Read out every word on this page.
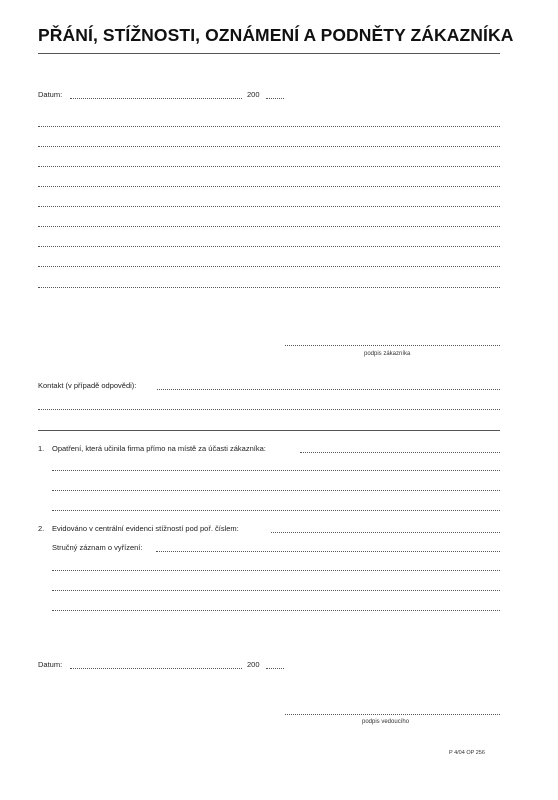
PŘÁNÍ, STÍŽNOSTI, OZNÁMENÍ A PODNĚTY ZÁKAZNÍKA
Datum:	200
podpis zákazníka
Kontakt (v případě odpovědi):
1. Opatření, která učinila firma přímo na místě za účasti zákazníka:
2. Evidováno v centrální evidenci stížností pod poř. číslem:
Stručný záznam o vyřízení:
Datum:	200
podpis vedoucího
P 4/04 OP 256
